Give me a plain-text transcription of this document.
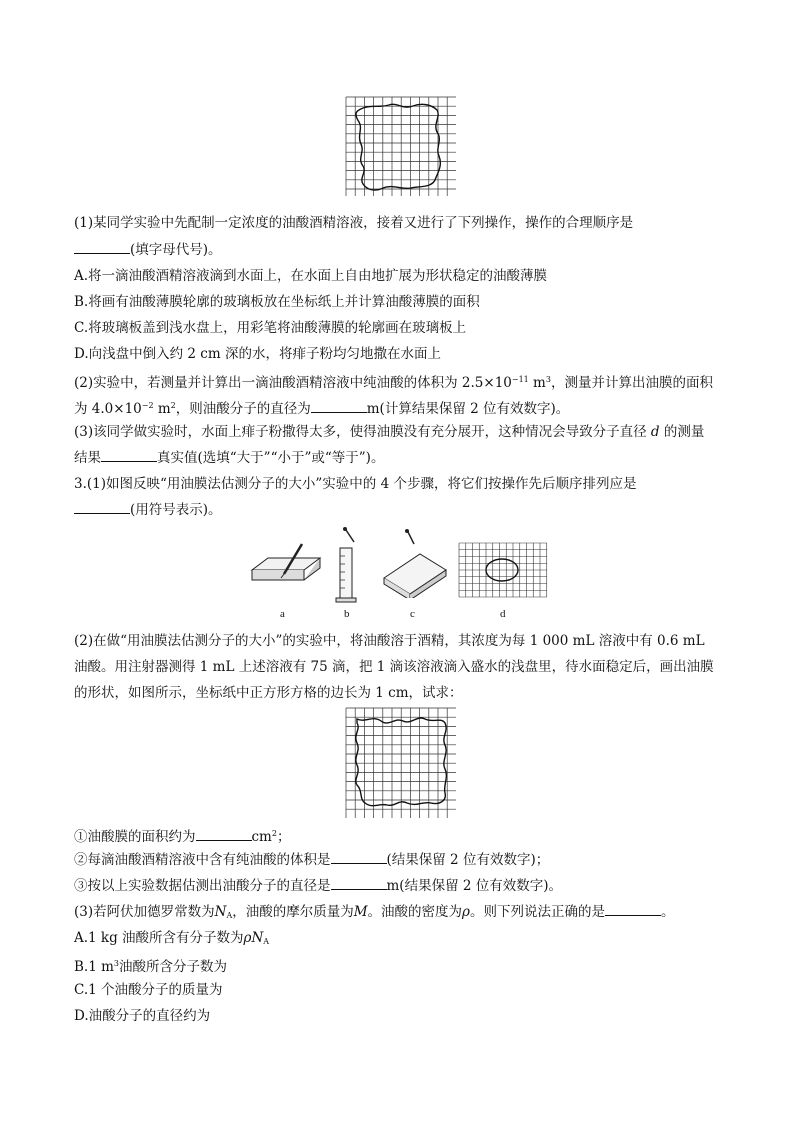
(1)某同学实验中先配制一定浓度的油酸酒精溶液，接着又进行了下列操作，操作的合理顺序是
(填字母代号)。
A.将一滴油酸酒精溶液滴到水面上，在水面上自由地扩展为形状稳定的油酸薄膜
B.将画有油酸薄膜轮廓的玻璃板放在坐标纸上并计算油酸薄膜的面积
C.将玻璃板盖到浅水盘上，用彩笔将油酸薄膜的轮廓画在玻璃板上
D.向浅盘中倒入约 2 cm 深的水，将痱子粉均匀地撒在水面上
(2)实验中，若测量并计算出一滴油酸酒精溶液中纯油酸的体积为 $2.5\times 10^{-11}$ $m^3$，测量并计算出油膜的面积
为 $4.0\times 10^{-2}$ $m^2$，则油酸分子的直径为	m(计算结果保留 2 位有效数字)。
(3)该同学做实验时，水面上痱子粉撒得太多，使得油膜没有充分展开，这种情况会导致分子直径 d 的测量
结果	真实值(选填“大于”“小于”或“等于”)。
3.(1)如图反映“用油膜法估测分子的大小”实验中的 4 个步骤，将它们按操作先后顺序排列应是
(用符号表示)。
a	b	c	d
(2)在做“用油膜法估测分子的大小”的实验中，将油酸溶于酒精，其浓度为每 1 000 mL 溶液中有 0.6 mL
油酸。用注射器测得 1 mL 上述溶液有 75 滴，把 1 滴该溶液滴入盛水的浅盘里，待水面稳定后，画出油膜
的形状，如图所示，坐标纸中正方形方格的边长为 1 cm，试求：
①油酸膜的面积约为	$cm^2$；
②每滴油酸酒精溶液中含有纯油酸的体积是	(结果保留 2 位有效数字)；
③按以上实验数据估测出油酸分子的直径是	m(结果保留 2 位有效数字)。
(3)若阿伏加德罗常数为$N_A$，油酸的摩尔质量为M。油酸的密度为ρ。则下列说法正确的是	。
A.1 kg 油酸所含有分子数为$\rho N_A$
B.1 $m^3$油酸所含分子数为
C.1 个油酸分子的质量为
D.油酸分子的直径约为
